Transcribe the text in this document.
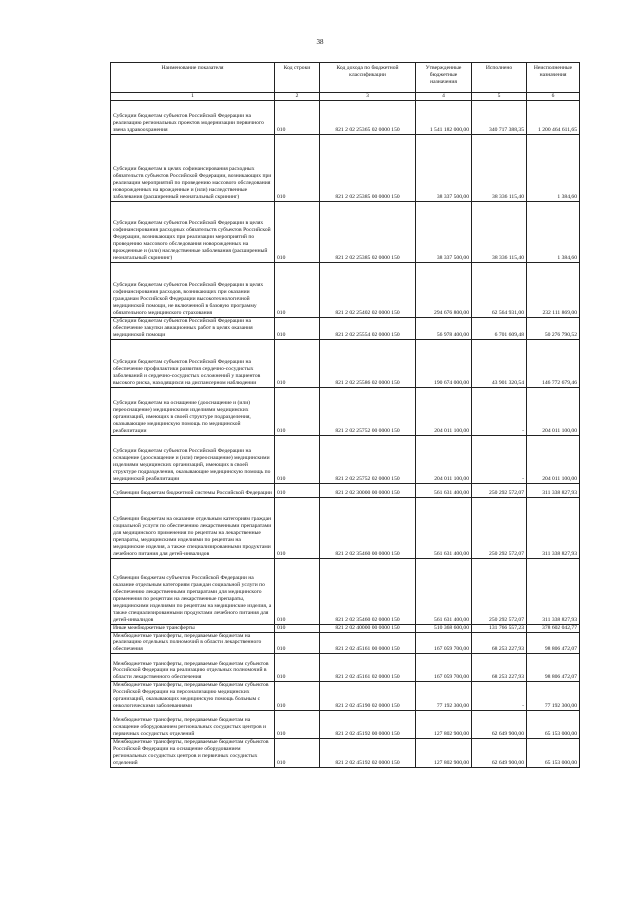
38
Наименование показателя	Код строки	Код дохода по бюджетной классификации	Утвержденные бюджетные назначения	Исполнено	Неисполненные назначения
1	2	3	4	5	6
Субсидии бюджетам субъектов Российской Федерации на реализацию региональных проектов модернизации первичного звена здравоохранения	010	821 2 02 25365 02 0000 150	1 541 182 000,00	340 717 388,35	1 200 464 611,65
Субсидии бюджетам в целях софинансирования расходных обязательств субъектов Российской Федерации, возникающих при реализации мероприятий по проведению массового обследования новорожденных на врожденные и (или) наследственные заболевания (расширенный неонатальный скрининг)	010	821 2 02 25385 00 0000 150	38 337 500,00	38 336 115,40	1 384,60
Субсидии бюджетам субъектов Российской Федерации в целях софинансирования расходных обязательств субъектов Российской Федерации, возникающих при реализации мероприятий по проведению массового обследования новорожденных на врожденные и (или) наследственные заболевания (расширенный неонатальный скрининг)	010	821 2 02 25385 02 0000 150	38 337 500,00	38 336 115,40	1 384,60
Субсидии бюджетам субъектов Российской Федерации в целях софинансирования расходов, возникающих при оказании гражданам Российской Федерации высокотехнологичной медицинской помощи, не включенной в базовую программу обязательного медицинского страхования	010	821 2 02 25402 02 0000 150	294 676 800,00	62 564 931,00	232 111 869,00
Субсидии бюджетам субъектов Российской Федерации на обеспечение закупки авиационных работ в целях оказания медицинской помощи	010	821 2 02 25554 02 0000 150	56 978 400,00	6 701 609,48	50 276 790,52
Субсидии бюджетам субъектов Российской Федерации на обеспечение профилактики развития сердечно-сосудистых заболеваний и сердечно-сосудистых осложнений у пациентов высокого риска, находящихся на диспансерном наблюдении	010	821 2 02 25586 02 0000 150	190 674 000,00	43 901 320,54	146 772 679,46
Субсидии бюджетам на оснащение (дооснащение и (или) переоснащение) медицинскими изделиями медицинских организаций, имеющих в своей структуре подразделения, оказывающие медицинскую помощь по медицинской реабилитации	010	821 2 02 25752 00 0000 150	204 011 100,00	-	204 011 100,00
Субсидии бюджетам субъектов Российской Федерации на оснащение (дооснащение и (или) переоснащение) медицинскими изделиями медицинских организаций, имеющих в своей структуре подразделения, оказывающие медицинскую помощь по медицинской реабилитации	010	821 2 02 25752 02 0000 150	204 011 100,00	-	204 011 100,00
Субвенции бюджетам бюджетной системы Российской Федерации	010	821 2 02 30000 00 0000 150	561 631 400,00	250 292 572,07	311 338 827,93
Субвенции бюджетам на оказание отдельным категориям граждан социальной услуги по обеспечению лекарственными препаратами для медицинского применения по рецептам на лекарственные препараты, медицинскими изделиями по рецептам на медицинские изделия, а также специализированными продуктами лечебного питания для детей-инвалидов	010	821 2 02 35460 00 0000 150	561 631 400,00	250 292 572,07	311 338 827,93
Субвенции бюджетам субъектов Российской Федерации на оказание отдельным категориям граждан социальной услуги по обеспечению лекарственными препаратами для медицинского применения по рецептам на лекарственные препараты, медицинскими изделиями по рецептам на медицинские изделия, а также специализированными продуктами лечебного питания для детей-инвалидов	010	821 2 02 35460 02 0000 150	561 631 400,00	250 292 572,07	311 338 827,93
Иные межбюджетные трансферты	010	821 2 02 40000 00 0000 150	510 368 600,00	131 766 557,23	378 602 042,77
Межбюджетные трансферты, передаваемые бюджетам на реализацию отдельных полномочий в области лекарственного обеспечения	010	821 2 02 45161 00 0000 150	167 059 700,00	68 253 227,93	98 806 472,07
Межбюджетные трансферты, передаваемые бюджетам субъектов Российской Федерации на реализацию отдельных полномочий в области лекарственного обеспечения	010	821 2 02 45161 02 0000 150	167 059 700,00	68 253 227,93	98 806 472,07
Межбюджетные трансферты, передаваемые бюджетам субъектов Российской Федерации на персонализацию медицинских организаций, оказывающих медицинскую помощь больным с онкологическими заболеваниями	010	821 2 02 45190 02 0000 150	77 192 300,00	-	77 192 300,00
Межбюджетные трансферты, передаваемые бюджетам на оснащение оборудованием региональных сосудистых центров и первичных сосудистых отделений	010	821 2 02 45192 00 0000 150	127 802 900,00	62 649 900,00	65 153 000,00
Межбюджетные трансферты, передаваемые бюджетам субъектов Российской Федерации на оснащение оборудованием региональных сосудистых центров и первичных сосудистых отделений	010	821 2 02 45192 02 0000 150	127 802 900,00	62 649 900,00	65 153 000,00
